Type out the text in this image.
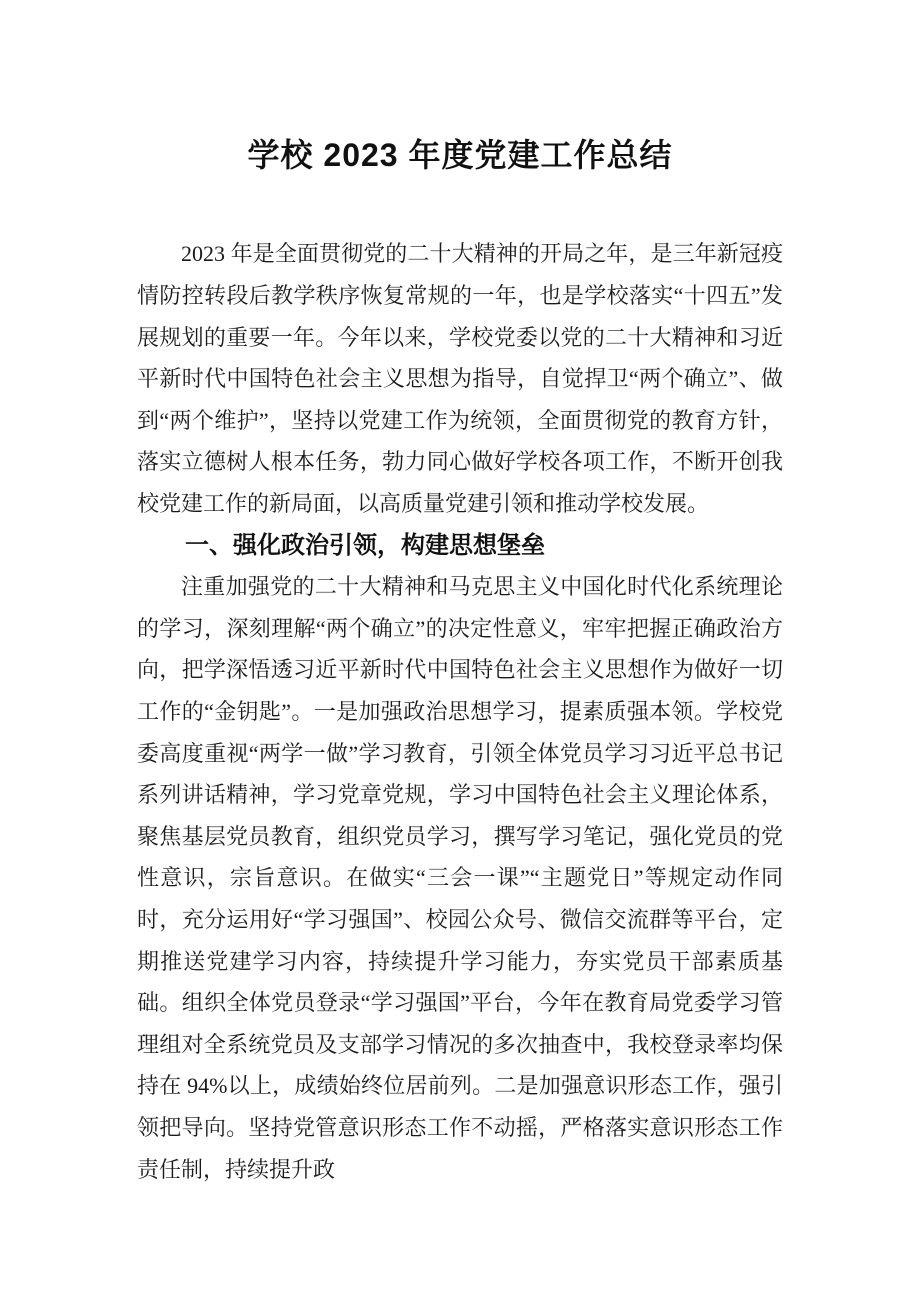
学校 2023 年度党建工作总结

2023 年是全面贯彻党的二十大精神的开局之年，是三年新冠疫情防控转段后教学秩序恢复常规的一年，也是学校落实“十四五”发展规划的重要一年。今年以来，学校党委以党的二十大精神和习近平新时代中国特色社会主义思想为指导，自觉捍卫“两个确立”、做到“两个维护”，坚持以党建工作为统领，全面贯彻党的教育方针，落实立德树人根本任务，勃力同心做好学校各项工作，不断开创我校党建工作的新局面，以高质量党建引领和推动学校发展。

一、强化政治引领，构建思想堡垒

注重加强党的二十大精神和马克思主义中国化时代化系统理论的学习，深刻理解“两个确立”的决定性意义，牢牢把握正确政治方向，把学深悟透习近平新时代中国特色社会主义思想作为做好一切工作的“金钥匙”。一是加强政治思想学习，提素质强本领。学校党委高度重视“两学一做”学习教育，引领全体党员学习习近平总书记系列讲话精神，学习党章党规，学习中国特色社会主义理论体系，聚焦基层党员教育，组织党员学习，撰写学习笔记，强化党员的党性意识，宗旨意识。在做实“三会一课”“主题党日”等规定动作同时，充分运用好“学习强国”、校园公众号、微信交流群等平台，定期推送党建学习内容，持续提升学习能力，夯实党员干部素质基础。组织全体党员登录“学习强国”平台，今年在教育局党委学习管理组对全系统党员及支部学习情况的多次抽查中，我校登录率均保持在 94%以上，成绩始终位居前列。二是加强意识形态工作，强引领把导向。坚持党管意识形态工作不动摇，严格落实意识形态工作责任制，持续提升政
